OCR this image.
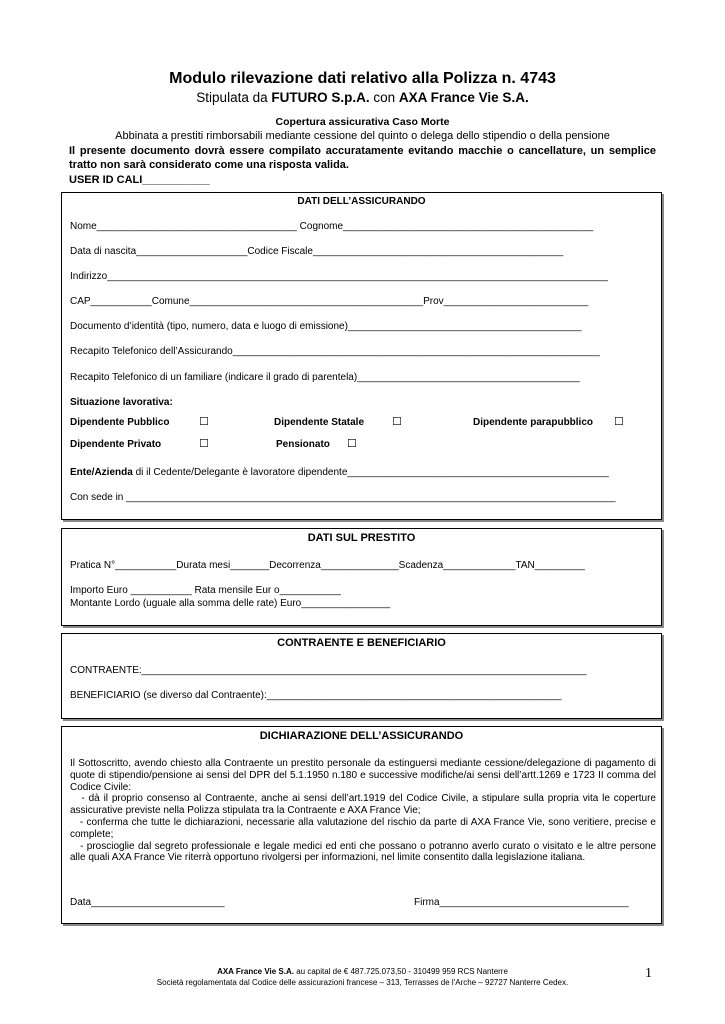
Modulo rilevazione dati relativo alla Polizza n. 4743
Stipulata da FUTURO S.p.A. con AXA France Vie S.A.
Copertura assicurativa Caso Morte
Abbinata a prestiti rimborsabili mediante cessione del quinto o delega dello stipendio o della pensione
Il presente documento dovrà essere compilato accuratamente evitando macchie o cancellature, un semplice tratto non sarà considerato come una risposta valida.
USER ID CALI___________
DATI DELL’ASSICURANDO
Nome____________________________________ Cognome_____________________________________________
Data di nascita____________________Codice Fiscale_____________________________________________
Indirizzo__________________________________________________________________________________________
CAP___________Comune__________________________________________Prov__________________________
Documento d’identità (tipo, numero, data e luogo di emissione)__________________________________________
Recapito Telefonico dell’Assicurando__________________________________________________________________
Recapito Telefonico di un familiare (indicare il grado di parentela)________________________________________
Situazione lavorativa:
Dipendente Pubblico	☐	Dipendente Statale	☐	Dipendente parapubblico ☐
Dipendente Privato	☐	Pensionato ☐
Ente/Azienda di il Cedente/Delegante è lavoratore dipendente_______________________________________________
Con sede in ________________________________________________________________________________________
DATI SUL PRESTITO
Pratica N°___________Durata mesi_______Decorrenza______________Scadenza_____________TAN_________
Importo Euro ___________ Rata mensile Eur o___________
Montante Lordo (uguale alla somma delle rate) Euro________________
CONTRAENTE E BENEFICIARIO
CONTRAENTE:________________________________________________________________________________
BENEFICIARIO (se diverso dal Contraente):_____________________________________________________
DICHIARAZIONE DELL’ASSICURANDO

Il Sottoscritto, avendo chiesto alla Contraente un prestito personale da estinguersi mediante cessione/delegazione di pagamento di quote di stipendio/pensione ai sensi del DPR del 5.1.1950 n.180 e successive modifiche/ai sensi dell’artt.1269 e 1723 II comma del Codice Civile:

- dà il proprio consenso al Contraente, anche ai sensi dell’art.1919 del Codice Civile, a stipulare sulla propria vita le coperture assicurative previste nella Polizza stipulata tra la Contraente e AXA France Vie;

- conferma che tutte le dichiarazioni, necessarie alla valutazione del rischio da parte di AXA France Vie, sono veritiere, precise e complete;

- proscioglie dal segreto professionale e legale medici ed enti che possano o potranno averlo curato o visitato e le altre persone alle quali AXA France Vie riterrà opportuno rivolgersi per informazioni, nel limite consentito dalla legislazione italiana.

Data________________________	Firma__________________________________
AXA France Vie S.A. au capital de € 487.725.073,50 - 310499 959 RCS Nanterre
Società regolamentata dal Codice delle assicurazioni francese – 313, Terrasses de l'Arche – 92727 Nanterre Cedex.
1
